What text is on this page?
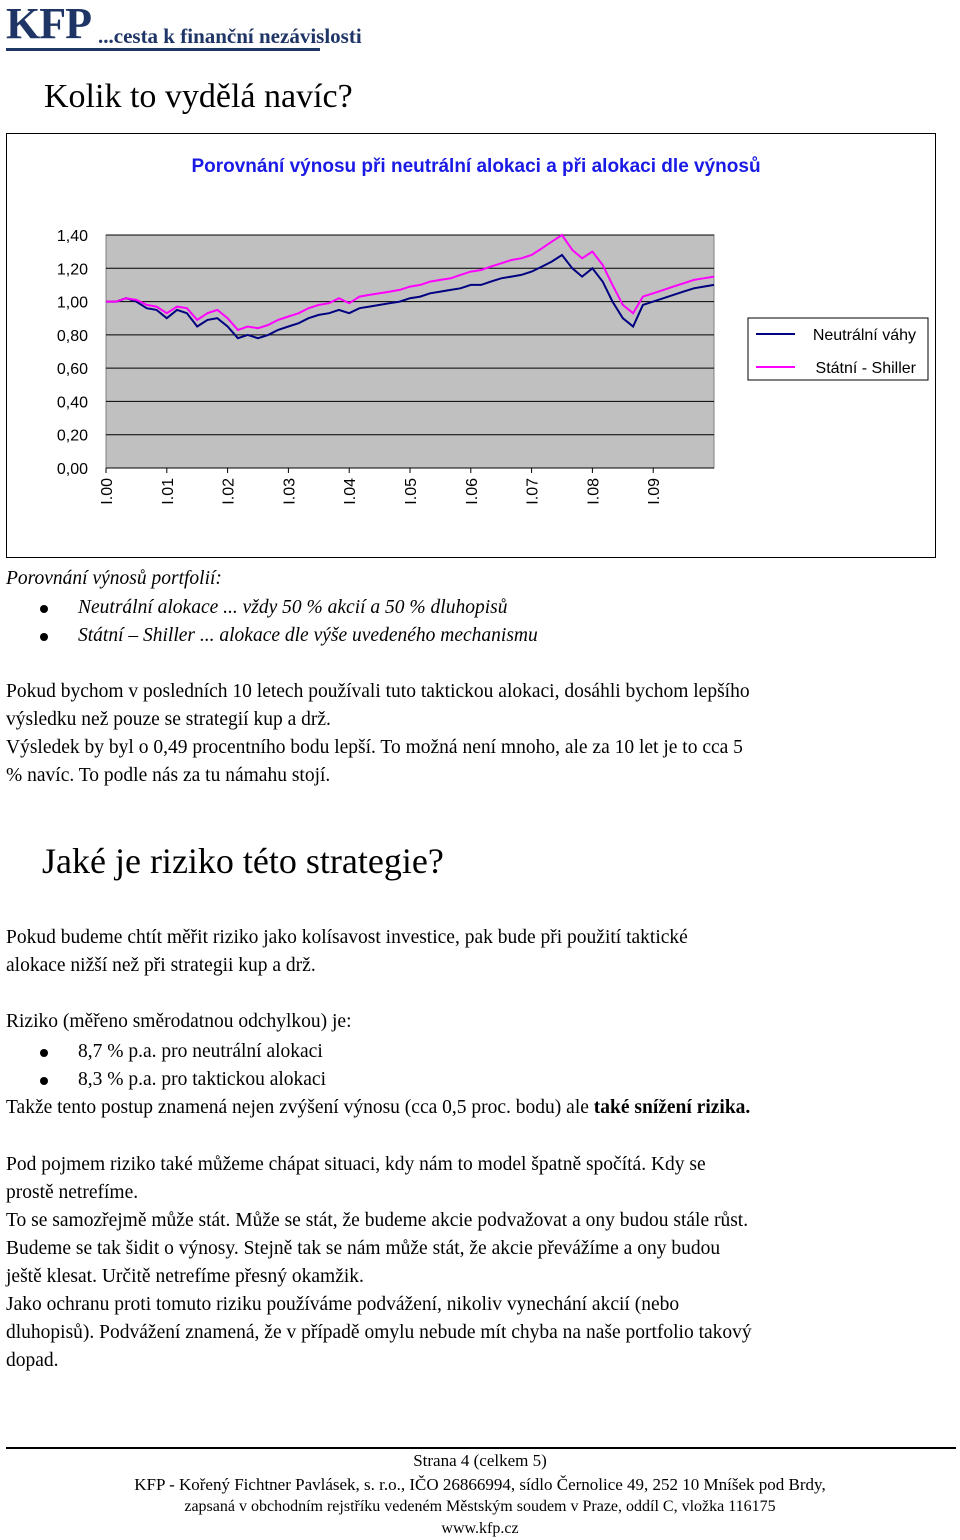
KFP ...cesta k finanční nezávislosti
Kolik to vydělá navíc?
Porovnání výnosu při neutrální alokaci a při alokaci dle výnosů
1,40
1,20
1,00
0,80
0,60
0,40
0,20
0,00
I.00	I.01	I.02	I.03	I.04	I.05	I.06	I.07	I.08	I.09
Neutrální váhy
Státní - Shiller
Porovnání výnosů portfolií:
Neutrální alokace ... vždy 50 % akcií a 50 % dluhopisů
Státní – Shiller ... alokace dle výše uvedeného mechanismu
Pokud bychom v posledních 10 letech používali tuto taktickou alokaci, dosáhli bychom lepšího
výsledku než pouze se strategií kup a drž.
Výsledek by byl o 0,49 procentního bodu lepší. To možná není mnoho, ale za 10 let je to cca 5
% navíc. To podle nás za tu námahu stojí.
Jaké je riziko této strategie?
Pokud budeme chtít měřit riziko jako kolísavost investice, pak bude při použití taktické
alokace nižší než při strategii kup a drž.
Riziko (měřeno směrodatnou odchylkou) je:
8,7 % p.a. pro neutrální alokaci
8,3 % p.a. pro taktickou alokaci
Takže tento postup znamená nejen zvýšení výnosu (cca 0,5 proc. bodu) ale také snížení rizika.
Pod pojmem riziko také můžeme chápat situaci, kdy nám to model špatně spočítá. Kdy se
prostě netrefíme.
To se samozřejmě může stát. Může se stát, že budeme akcie podvažovat a ony budou stále růst.
Budeme se tak šidit o výnosy. Stejně tak se nám může stát, že akcie převážíme a ony budou
ještě klesat. Určitě netrefíme přesný okamžik.
Jako ochranu proti tomuto riziku používáme podvážení, nikoliv vynechání akcií (nebo
dluhopisů). Podvážení znamená, že v případě omylu nebude mít chyba na naše portfolio takový
dopad.
Strana 4 (celkem 5)
KFP - Kořený Fichtner Pavlásek, s. r.o., IČO 26866994, sídlo Černolice 49, 252 10 Mníšek pod Brdy,
zapsaná v obchodním rejstříku vedeném Městským soudem v Praze, oddíl C, vložka 116175
www.kfp.cz
